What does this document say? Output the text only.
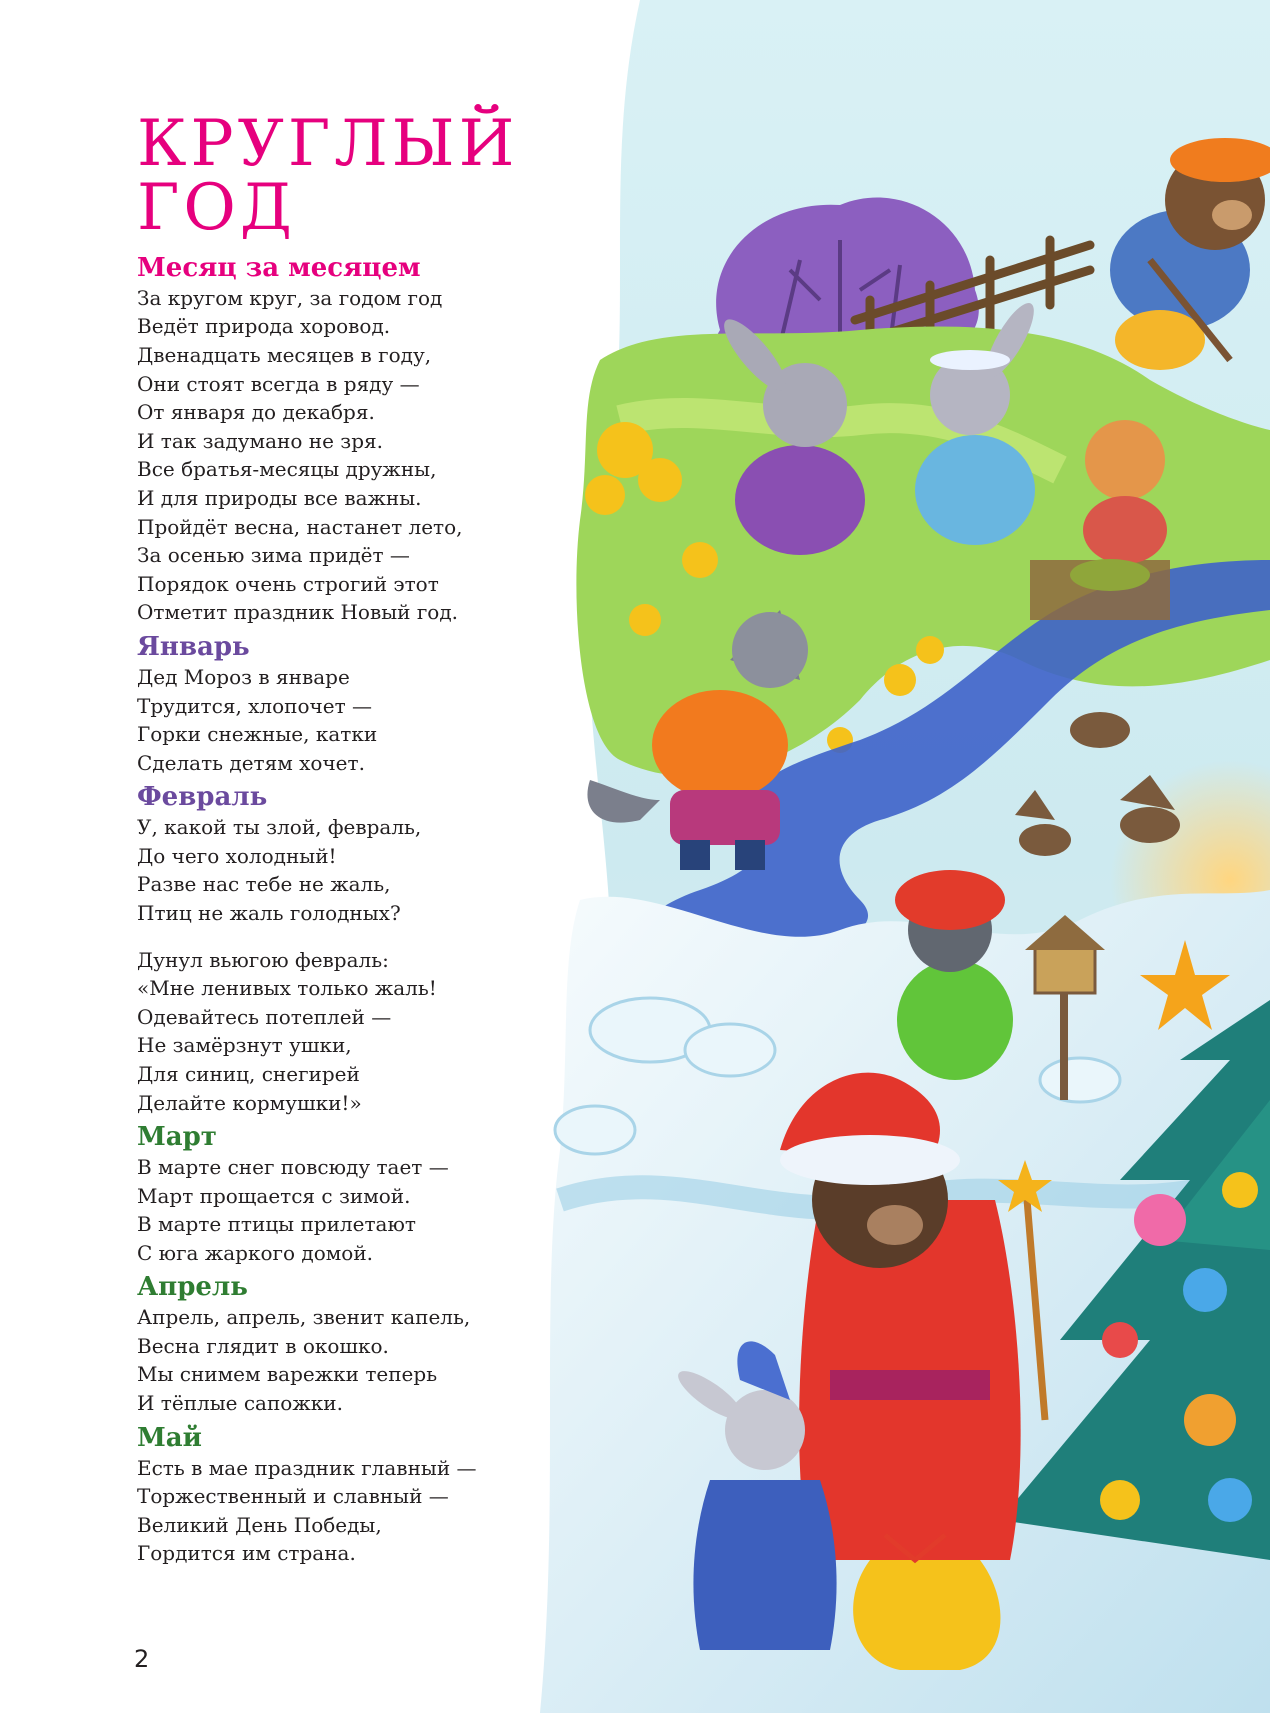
КРУГЛЫЙ ГОД
Месяц за месяцем

За кругом круг, за годом год
Ведёт природа хоровод.
Двенадцать месяцев в году,
Они стоят всегда в ряду —
От января до декабря.
И так задумано не зря.
Все братья-месяцы дружны,
И для природы все важны.
Пройдёт весна, настанет лето,
За осенью зима придёт —
Порядок очень строгий этот
Отметит праздник Новый год.

Январь

Дед Мороз в январе
Трудится, хлопочет —
Горки снежные, катки
Сделать детям хочет.

Февраль

У, какой ты злой, февраль,
До чего холодный!
Разве нас тебе не жаль,
Птиц не жаль голодных?

Дунул вьюгою февраль:
«Мне ленивых только жаль!
Одевайтесь потеплей —
Не замёрзнут ушки,
Для синиц, снегирей
Делайте кормушки!»

Март

В марте снег повсюду тает —
Март прощается с зимой.
В марте птицы прилетают
С юга жаркого домой.

Апрель

Апрель, апрель, звенит капель,
Весна глядит в окошко.
Мы снимем варежки теперь
И тёплые сапожки.

Май

Есть в мае праздник главный —
Торжественный и славный —
Великий День Победы,
Гордится им страна.

2
